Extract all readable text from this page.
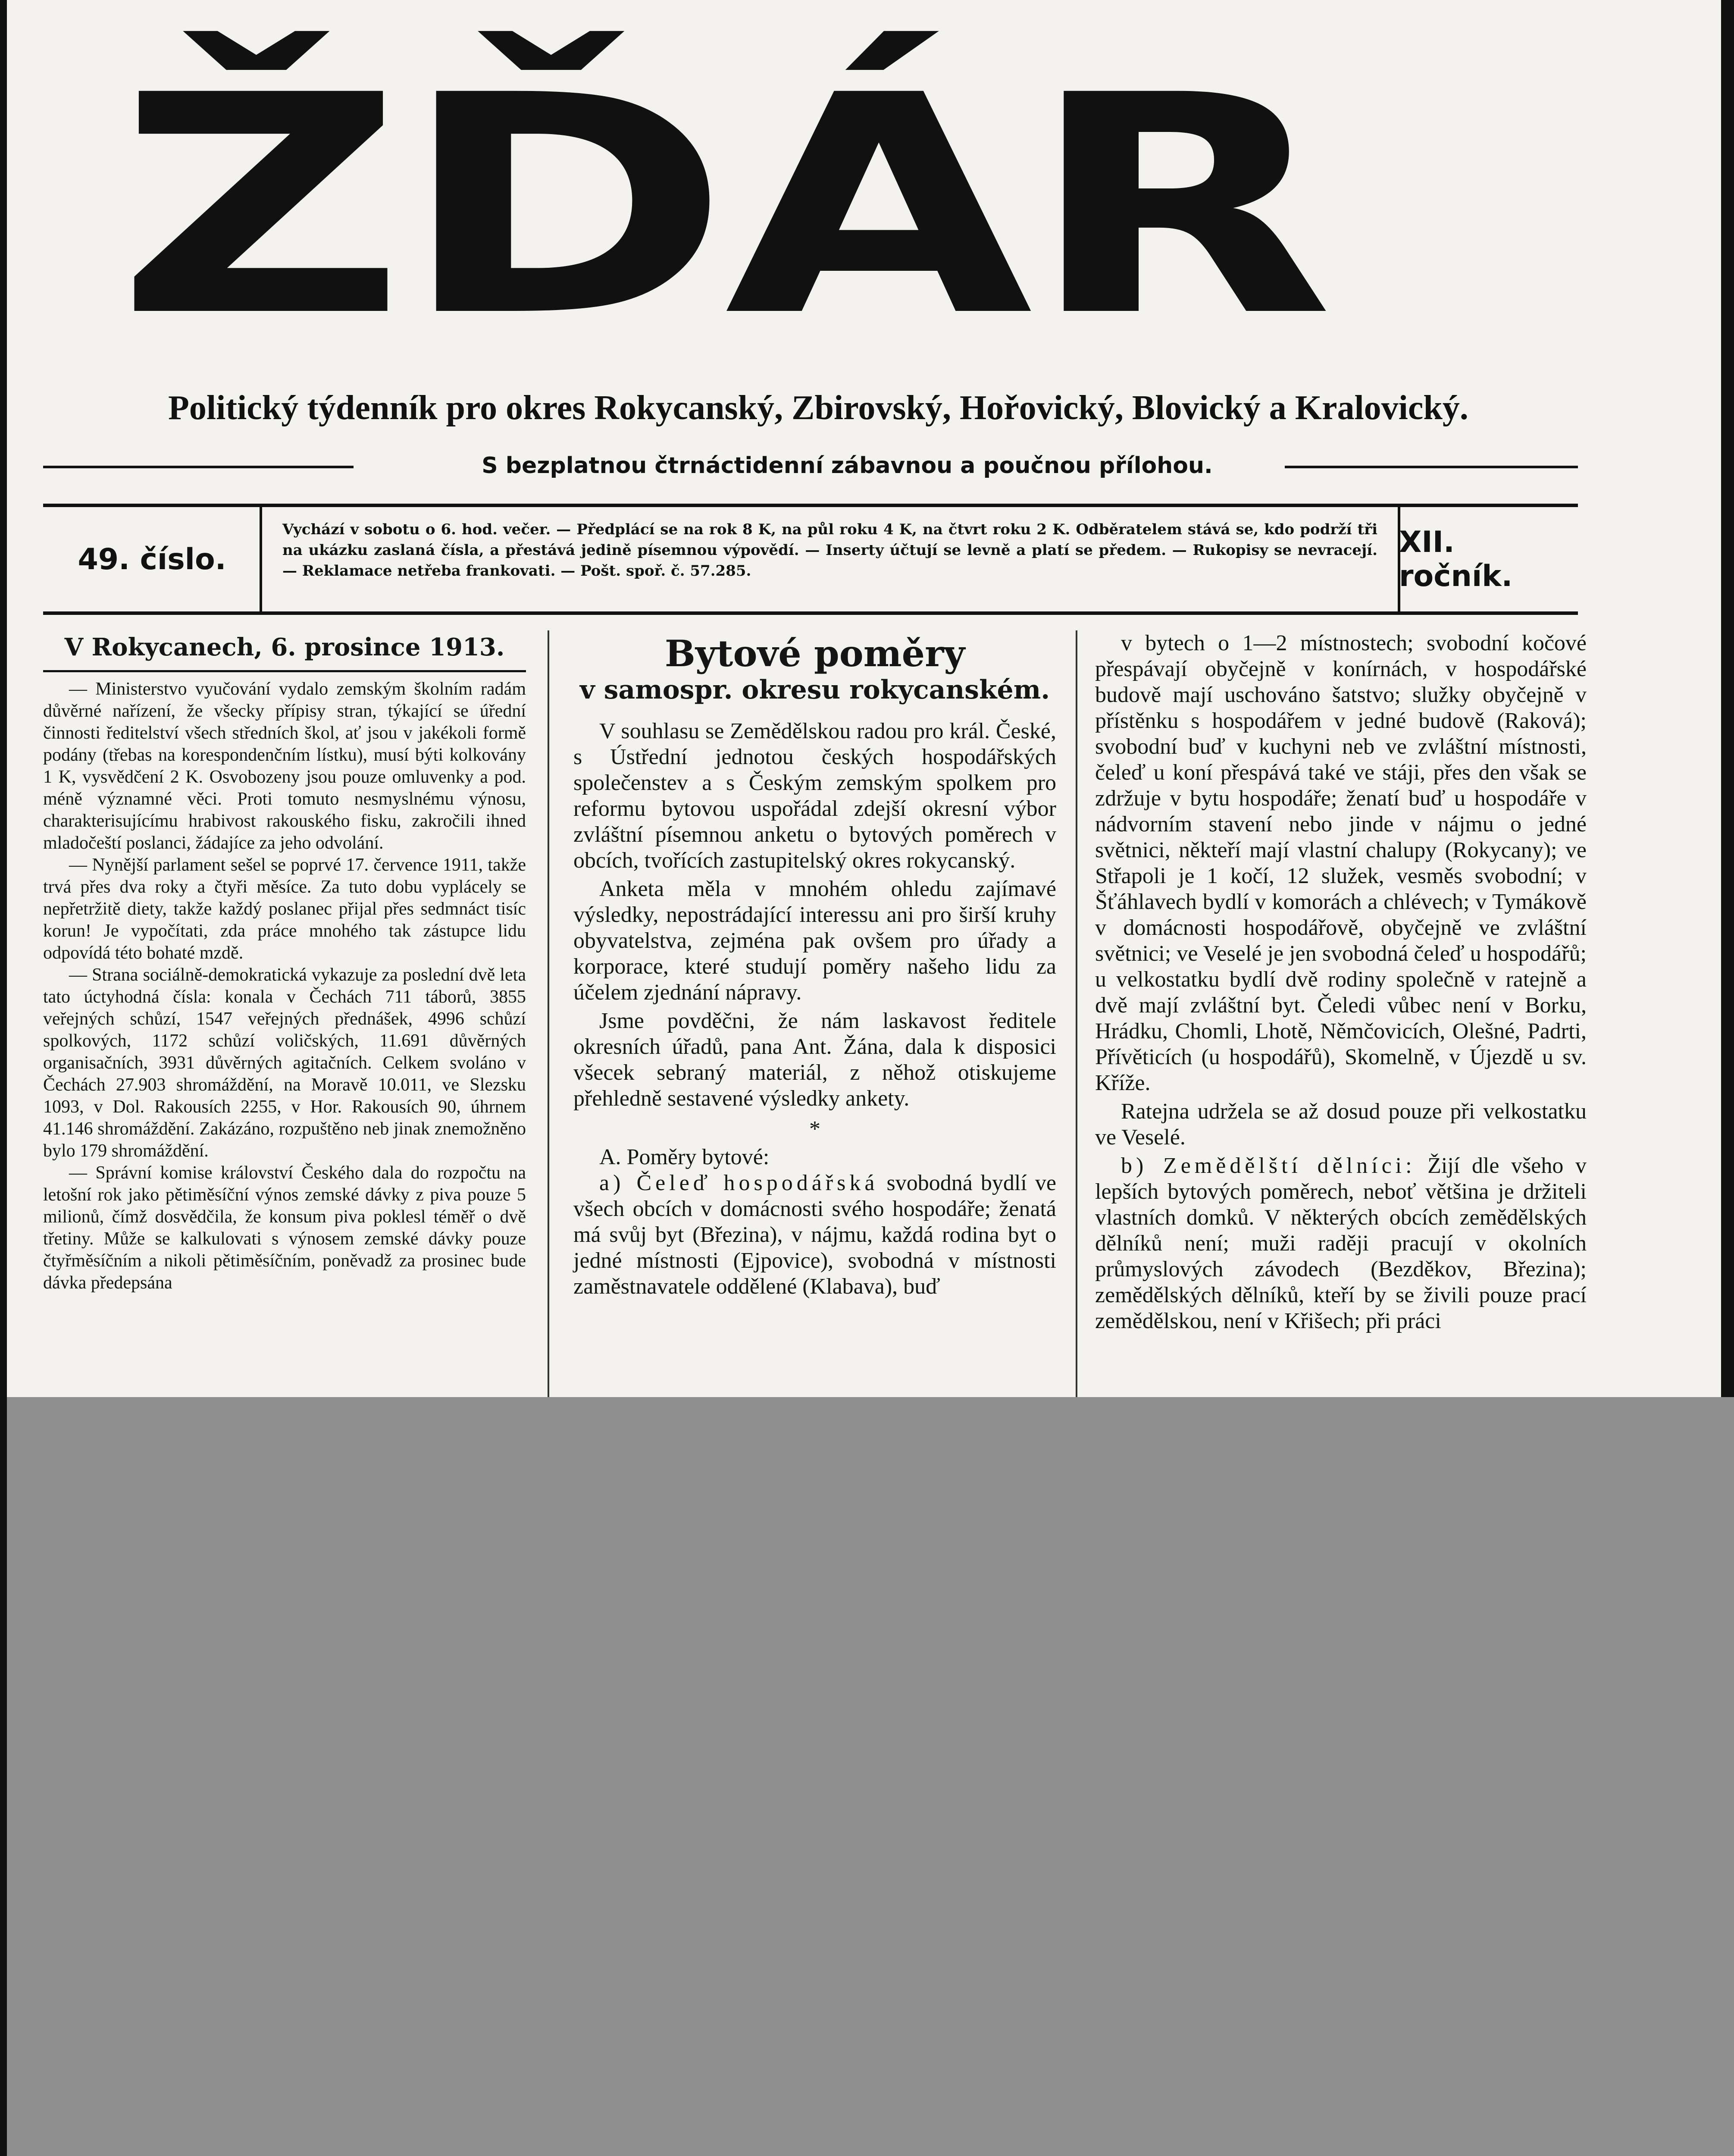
ŽĎÁR
Politický týdenník pro okres Rokycanský, Zbirovský, Hořovický, Blovický a Kralovický.
S bezplatnou čtrnáctidenní zábavnou a poučnou přílohou.
49. číslo.
Vychází v sobotu o 6. hod. večer. — Předplácí se na rok 8 K, na půl roku 4 K, na čtvrt roku 2 K. Odběratelem stává se, kdo podrží tři na ukázku zaslaná čísla, a přestává jedině písemnou výpovědí. — Inserty účtují se levně a platí se předem. — Rukopisy se nevracejí. — Reklamace netřeba frankovati. — Pošt. spoř. č. 57.285.
XII. ročník.
V Rokycanech, 6. prosince 1913.

— Ministerstvo vyučování vydalo zemským školním radám důvěrné nařízení, že všecky přípisy stran, týkající se úřední činnosti ředitelství všech středních škol, ať jsou v jakékoli formě podány (třebas na korespondenčním lístku), musí býti kolkovány 1 K, vysvědčení 2 K. Osvobozeny jsou pouze omluvenky a pod. méně významné věci. Proti tomuto nesmyslnému výnosu, charakterisujícímu hrabivost rakouského fisku, zakročili ihned mladočeští poslanci, žádajíce za jeho odvolání.

— Nynější parlament sešel se poprvé 17. července 1911, takže trvá přes dva roky a čtyři měsíce. Za tuto dobu vyplácely se nepřetržitě diety, takže každý poslanec přijal přes sedmnáct tisíc korun! Je vypočítati, zda práce mnohého tak zástupce lidu odpovídá této bohaté mzdě.

— Strana sociálně-demokratická vykazuje za poslední dvě leta tato úctyhodná čísla: konala v Čechách 711 táborů, 3855 veřejných schůzí, 1547 veřejných přednášek, 4996 schůzí spolkových, 1172 schůzí voličských, 11.691 důvěrných organisačních, 3931 důvěrných agitačních. Celkem svoláno v Čechách 27.903 shromáždění, na Moravě 10.011, ve Slezsku 1093, v Dol. Rakousích 2255, v Hor. Rakousích 90, úhrnem 41.146 shromáždění. Zakázáno, rozpuštěno neb jinak znemožněno bylo 179 shromáždění.

— Správní komise království Českého dala do rozpočtu na letošní rok jako pětiměsíční výnos zemské dávky z piva pouze 5 milionů, čímž dosvědčila, že konsum piva poklesl téměř o dvě třetiny. Může se kalkulovati s výnosem zemské dávky pouze čtyřměsíčním a nikoli pětiměsíčním, poněvadž za prosinec bude dávka předepsána

Bytové poměry
v samospr. okresu rokycanském.

V souhlasu se Zemědělskou radou pro král. České, s Ústřední jednotou českých hospodářských společenstev a s Českým zemským spolkem pro reformu bytovou uspořádal zdejší okresní výbor zvláštní písemnou anketu o bytových poměrech v obcích, tvořících zastupitelský okres rokycanský.

Anketa měla v mnohém ohledu zajímavé výsledky, nepostrádající interessu ani pro širší kruhy obyvatelstva, zejména pak ovšem pro úřady a korporace, které studují poměry našeho lidu za účelem zjednání nápravy.

Jsme povděčni, že nám laskavost ředitele okresních úřadů, pana Ant. Žána, dala k disposici všecek sebraný materiál, z něhož otiskujeme přehledně sestavené výsledky ankety.

*
A. Poměry bytové:

a) Čeleď hospodářská svobodná bydlí ve všech obcích v domácnosti svého hospodáře; ženatá má svůj byt (Březina), v nájmu, každá rodina byt o jedné místnosti (Ejpovice), svobodná v místnosti zaměstnavatele oddělené (Klabava), buď

v bytech o 1—2 místnostech; svobodní kočové přespávají obyčejně v konírnách, v hospodářské budově mají uschováno šatstvo; služky obyčejně v přístěnku s hospodářem v jedné budově (Raková); svobodní buď v kuchyni neb ve zvláštní místnosti, čeleď u koní přespává také ve stáji, přes den však se zdržuje v bytu hospodáře; ženatí buď u hospodáře v nádvorním stavení nebo jinde v nájmu o jedné světnici, někteří mají vlastní chalupy (Rokycany); ve Střapoli je 1 kočí, 12 služek, vesměs svobodní; v Šťáhlavech bydlí v komorách a chlévech; v Tymákově v domácnosti hospodářově, obyčejně ve zvláštní světnici; ve Veselé je jen svobodná čeleď u hospodářů; u velkostatku bydlí dvě rodiny společně v ratejně a dvě mají zvláštní byt. Čeledi vůbec není v Borku, Hrádku, Chomli, Lhotě, Němčovicích, Olešné, Padrti, Přívěticích (u hospodářů), Skomelně, v Újezdě u sv. Kříže.

Ratejna udržela se až dosud pouze při velkostatku ve Veselé.

b) Zemědělští dělníci: Žijí dle všeho v lepších bytových poměrech, neboť většina je držiteli vlastních domků. V některých obcích zemědělských dělníků není; muži raději pracují v okolních průmyslových závodech (Bezděkov, Březina); zemědělských dělníků, kteří by se živili pouze prací zemědělskou, není v Křišech; při práci
